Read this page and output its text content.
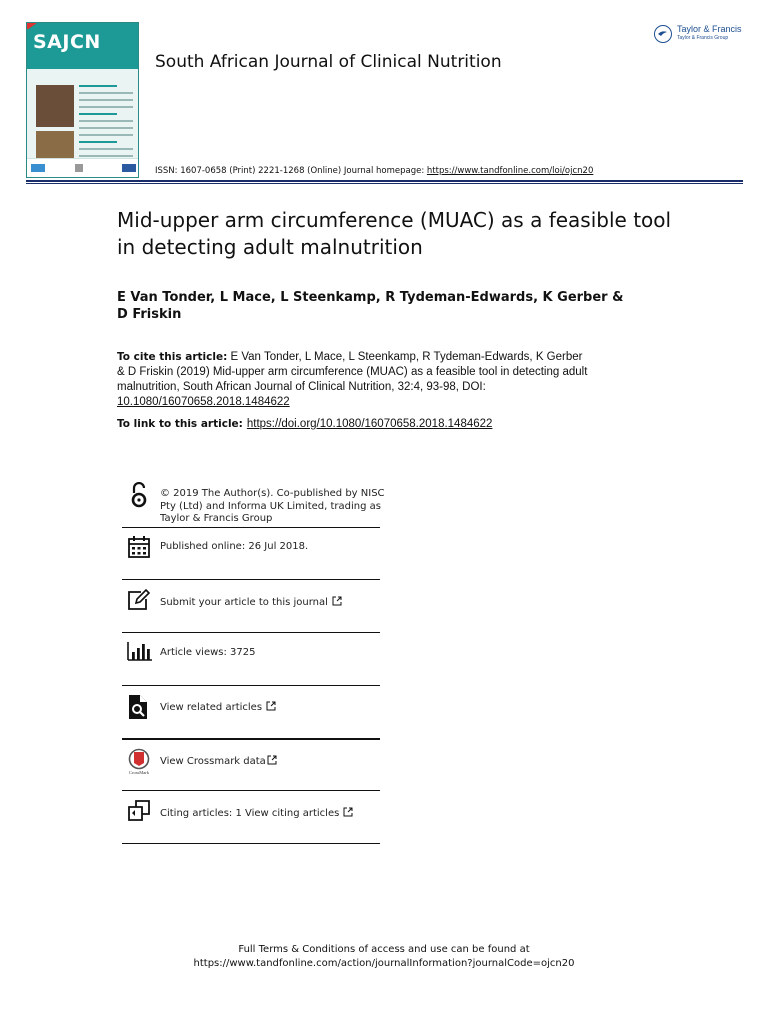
SAJCN
South African Journal of Clinical Nutrition
Taylor & Francis
Taylor & Francis Group
ISSN: 1607-0658 (Print) 2221-1268 (Online) Journal homepage: https://www.tandfonline.com/loi/ojcn20
Mid-upper arm circumference (MUAC) as a feasible tool in detecting adult malnutrition
E Van Tonder, L Mace, L Steenkamp, R Tydeman-Edwards, K Gerber & D Friskin
To cite this article: E Van Tonder, L Mace, L Steenkamp, R Tydeman-Edwards, K Gerber & D Friskin (2019) Mid-upper arm circumference (MUAC) as a feasible tool in detecting adult malnutrition, South African Journal of Clinical Nutrition, 32:4, 93-98, DOI: 10.1080/16070658.2018.1484622
To link to this article: https://doi.org/10.1080/16070658.2018.1484622
© 2019 The Author(s). Co-published by NISC Pty (Ltd) and Informa UK Limited, trading as Taylor & Francis Group
Published online: 26 Jul 2018.
Submit your article to this journal
Article views: 3725
View related articles
CrossMark
View Crossmark data
Citing articles: 1 View citing articles
Full Terms & Conditions of access and use can be found at
https://www.tandfonline.com/action/journalInformation?journalCode=ojcn20
